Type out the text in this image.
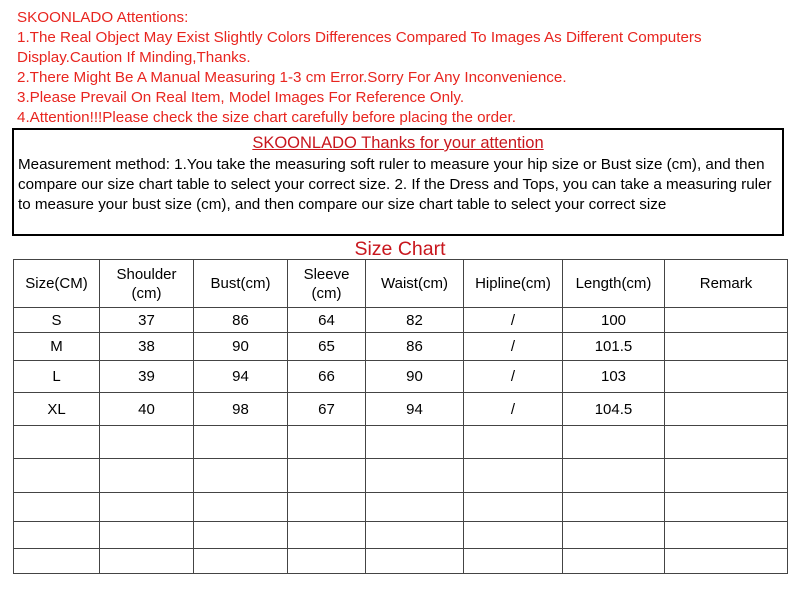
SKOONLADO Attentions:
1.The Real Object May Exist Slightly Colors Differences Compared To Images As Different Computers Display.Caution If Minding,Thanks.
2.There Might Be A Manual Measuring 1-3 cm Error.Sorry For Any Inconvenience.
3.Please Prevail On Real Item, Model Images For Reference Only.
4.Attention!!!Please check the size chart carefully before placing the order.
SKOONLADO Thanks for your attention
Measurement method: 1.You take the measuring soft ruler to measure your hip size or Bust size (cm), and then compare our size chart table to select your correct size. 2. If the Dress and Tops, you can take a measuring ruler to measure your bust size (cm), and then compare our size chart table to select your correct size
Size Chart
Size(CM)	Shoulder (cm)	Bust(cm)	Sleeve (cm)	Waist(cm)	Hipline(cm)	Length(cm)	Remark
S	37	86	64	82	/	100	
M	38	90	65	86	/	101.5	
L	39	94	66	90	/	103	
XL	40	98	67	94	/	104.5	
